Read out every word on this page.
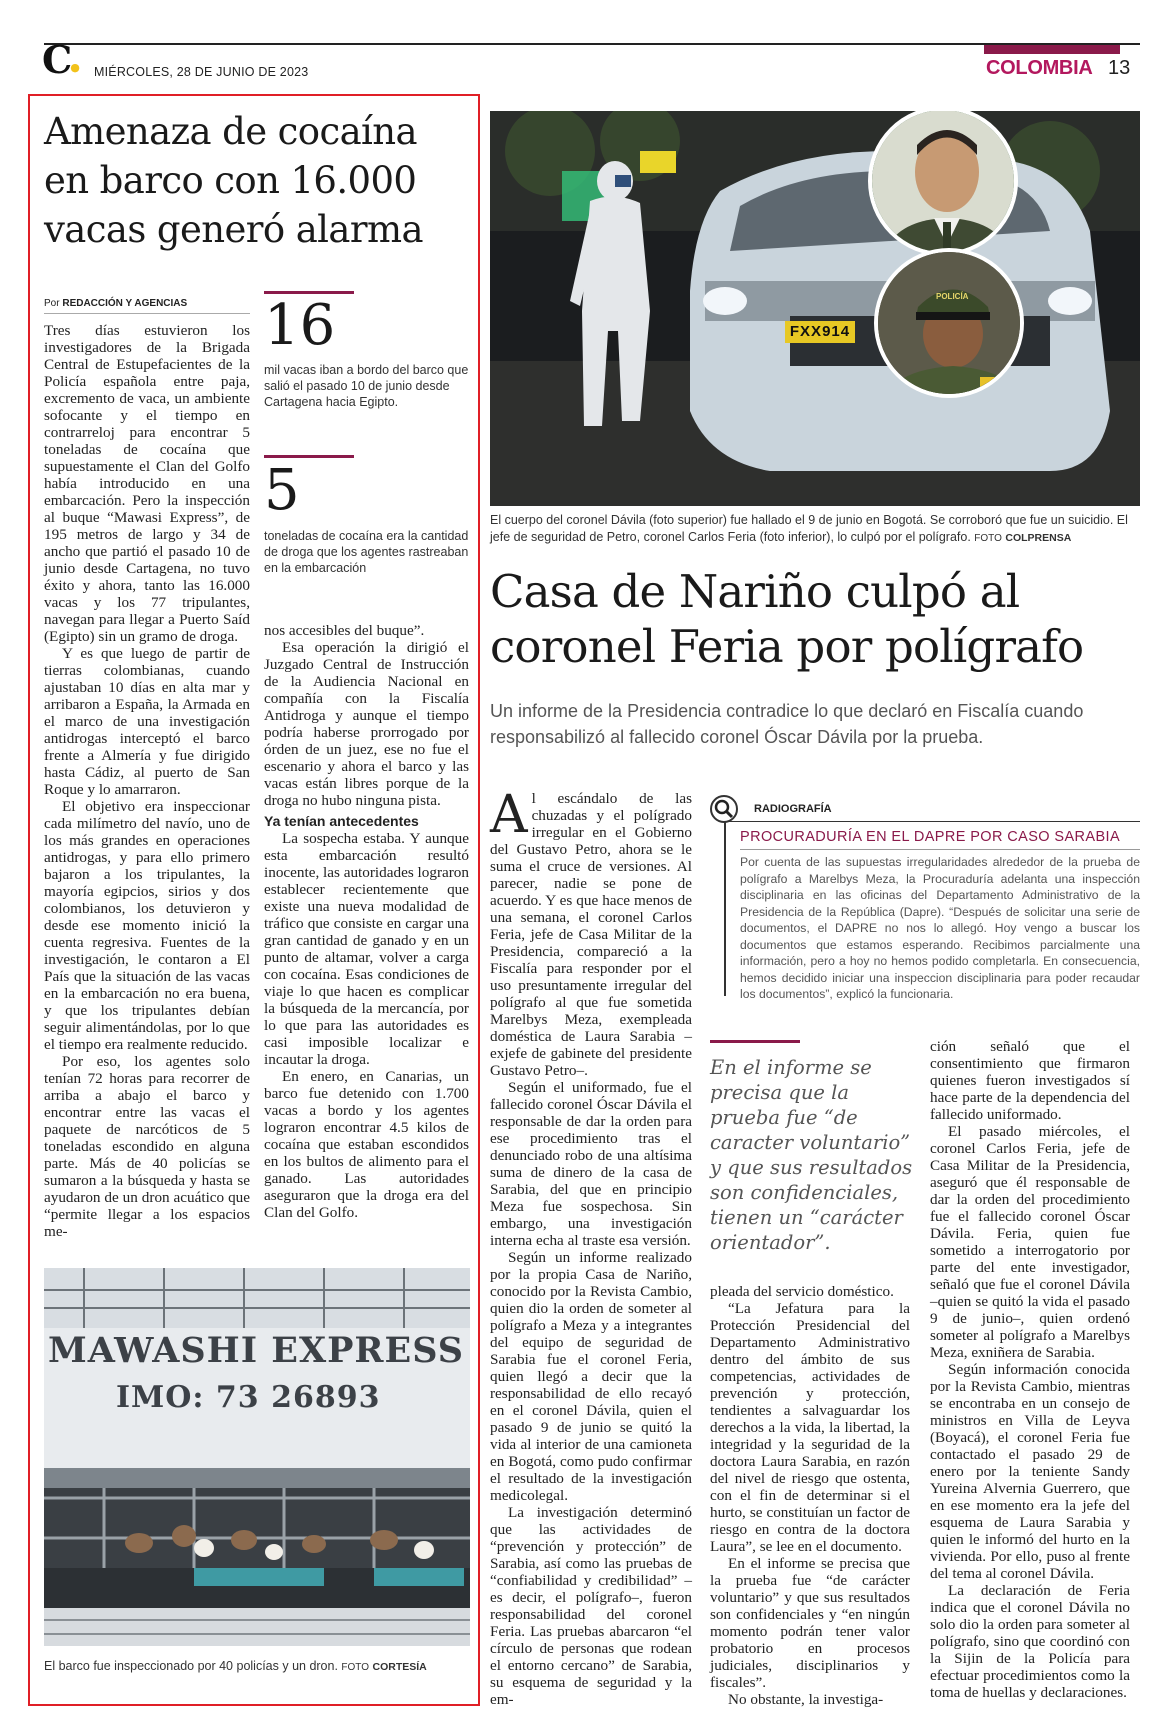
C● MIÉRCOLES, 28 DE JUNIO DE 2023	COLOMBIA 13
Amenaza de cocaína en barco con 16.000 vacas generó alarma
Por REDACCIÓN Y AGENCIAS

Tres días estuvieron los investigadores de la Brigada Central de Estupefacientes de la Policía española entre paja, excremento de vaca, un ambiente sofocante y el tiempo en contrarreloj para encontrar 5 toneladas de cocaína que supuestamente el Clan del Golfo había introducido en una embarcación. Pero la inspección al buque “Mawasi Express”, de 195 metros de largo y 34 de ancho que partió el pasado 10 de junio desde Cartagena, no tuvo éxito y ahora, tanto las 16.000 vacas y los 77 tripulantes, navegan para llegar a Puerto Saíd (Egipto) sin un gramo de droga.

Y es que luego de partir de tierras colombianas, cuando ajustaban 10 días en alta mar y arribaron a España, la Armada en el marco de una investigación antidrogas interceptó el barco frente a Almería y fue dirigido hasta Cádiz, al puerto de San Roque y lo amarraron.

El objetivo era inspeccionar cada milímetro del navío, uno de los más grandes en operaciones antidrogas, y para ello primero bajaron a los tripulantes, la mayoría egipcios, sirios y dos colombianos, los detuvieron y desde ese momento inició la cuenta regresiva. Fuentes de la investigación, le contaron a El País que la situación de las vacas en la embarcación no era buena, y que los tripulantes debían seguir alimentándolas, por lo que el tiempo era realmente reducido.

Por eso, los agentes solo tenían 72 horas para recorrer de arriba a abajo el barco y encontrar entre las vacas el paquete de narcóticos de 5 toneladas escondido en alguna parte. Más de 40 policías se sumaron a la búsqueda y hasta se ayudaron de un dron acuático que “permite llegar a los espacios me-

16
mil vacas iban a bordo del barco que salió el pasado 10 de junio desde Cartagena hacia Egipto.
5
toneladas de cocaína era la cantidad de droga que los agentes rastreaban en la embarcación

nos accesibles del buque”.

Esa operación la dirigió el Juzgado Central de Instrucción de la Audiencia Nacional en compañía con la Fiscalía Antidroga y aunque el tiempo podría haberse prorrogado por órden de un juez, ese no fue el escenario y ahora el barco y las vacas están libres porque de la droga no hubo ninguna pista.

Ya tenían antecedentes

La sospecha estaba. Y aunque esta embarcación resultó inocente, las autoridades lograron establecer recientemente que existe una nueva modalidad de tráfico que consiste en cargar una gran cantidad de ganado y en un punto de altamar, volver a carga con cocaína. Esas condiciones de viaje lo que hacen es complicar la búsqueda de la mercancía, por lo que para las autoridades es casi imposible localizar e incautar la droga.

En enero, en Canarias, un barco fue detenido con 1.700 vacas a bordo y los agentes lograron encontrar 4.5 kilos de cocaína que estaban escondidos en los bultos de alimento para el ganado. Las autoridades aseguraron que la droga era del Clan del Golfo.

MAWASHI EXPRESS
IMO: 73 26893
El barco fue inspeccionado por 40 policías y un dron. FOTO CORTESÍA
FXX914
POLICÍA
El cuerpo del coronel Dávila (foto superior) fue hallado el 9 de junio en Bogotá. Se corroboró que fue un suicidio. El jefe de seguridad de Petro, coronel Carlos Feria (foto inferior), lo culpó por el polígrafo. FOTO COLPRENSA
Casa de Nariño culpó al coronel Feria por polígrafo
Un informe de la Presidencia contradice lo que declaró en Fiscalía cuando responsabilizó al fallecido coronel Óscar Dávila por la prueba.

Al escándalo de las chuzadas y el polígrado irregular en el Gobierno del Gustavo Petro, ahora se le suma el cruce de versiones. Al parecer, nadie se pone de acuerdo. Y es que hace menos de una semana, el coronel Carlos Feria, jefe de Casa Militar de la Presidencia, compareció a la Fiscalía para responder por el uso presuntamente irregular del polígrafo al que fue sometida Marelbys Meza, exempleada doméstica de Laura Sarabia –exjefe de gabinete del presidente Gustavo Petro–.

Según el uniformado, fue el fallecido coronel Óscar Dávila el responsable de dar la orden para ese procedimiento tras el denunciado robo de una altísima suma de dinero de la casa de Sarabia, del que en principio Meza fue sospechosa. Sin embargo, una investigación interna echa al traste esa versión.

Según un informe realizado por la propia Casa de Nariño, conocido por la Revista Cambio, quien dio la orden de someter al polígrafo a Meza y a integrantes del equipo de seguridad de Sarabia fue el coronel Feria, quien llegó a decir que la responsabilidad de ello recayó en el coronel Dávila, quien el pasado 9 de junio se quitó la vida al interior de una camioneta en Bogotá, como pudo confirmar el resultado de la investigación medicolegal.

La investigación determinó que las actividades de “prevención y protección” de Sarabia, así como las pruebas de “confiabilidad y credibilidad” –es decir, el polígrafo–, fueron responsabilidad del coronel Feria. Las pruebas abarcaron “el círculo de personas que rodean el entorno cercano” de Sarabia, su esquema de seguridad y la em-

RADIOGRAFÍA
PROCURADURÍA EN EL DAPRE POR CASO SARABIA
Por cuenta de las supuestas irregularidades alrededor de la prueba de polígrafo a Marelbys Meza, la Procuraduría adelanta una inspección disciplinaria en las oficinas del Departamento Administrativo de la Presidencia de la República (Dapre). “Después de solicitar una serie de documentos, el DAPRE no nos lo allegó. Hoy vengo a buscar los documentos que estamos esperando. Recibimos parcialmente una información, pero a hoy no hemos podido completarla. En consecuencia, hemos decidido iniciar una inspeccion disciplinaria para poder recaudar los documentos”, explicó la funcionaria.
En el informe se precisa que la prueba fue “de caracter voluntario” y que sus resultados son confidenciales, tienen un “carácter orientador”.

pleada del servicio doméstico.

“La Jefatura para la Protección Presidencial del Departamento Administrativo dentro del ámbito de sus competencias, actividades de prevención y protección, tendientes a salvaguardar los derechos a la vida, la libertad, la integridad y la seguridad de la doctora Laura Sarabia, en razón del nivel de riesgo que ostenta, con el fin de determinar si el hurto, se constituían un factor de riesgo en contra de la doctora Laura”, se lee en el documento.

En el informe se precisa que la prueba fue “de carácter voluntario” y que sus resultados son confidenciales y “en ningún momento podrán tener valor probatorio en procesos judiciales, disciplinarios y fiscales”.

No obstante, la investiga-

ción señaló que el consentimiento que firmaron quienes fueron investigados sí hace parte de la dependencia del fallecido uniformado.

El pasado miércoles, el coronel Carlos Feria, jefe de Casa Militar de la Presidencia, aseguró que él responsable de dar la orden del procedimiento fue el fallecido coronel Óscar Dávila. Feria, quien fue sometido a interrogatorio por parte del ente investigador, señaló que fue el coronel Dávila –quien se quitó la vida el pasado 9 de junio–, quien ordenó someter al polígrafo a Marelbys Meza, exniñera de Sarabia.

Según información conocida por la Revista Cambio, mientras se encontraba en un consejo de ministros en Villa de Leyva (Boyacá), el coronel Feria fue contactado el pasado 29 de enero por la teniente Sandy Yureina Alvernia Guerrero, que en ese momento era la jefe del esquema de Laura Sarabia y quien le informó del hurto en la vivienda. Por ello, puso al frente del tema al coronel Dávila.

La declaración de Feria indica que el coronel Dávila no solo dio la orden para someter al polígrafo, sino que coordinó con la Sijin de la Policía para efectuar procedimientos como la toma de huellas y declaraciones.
